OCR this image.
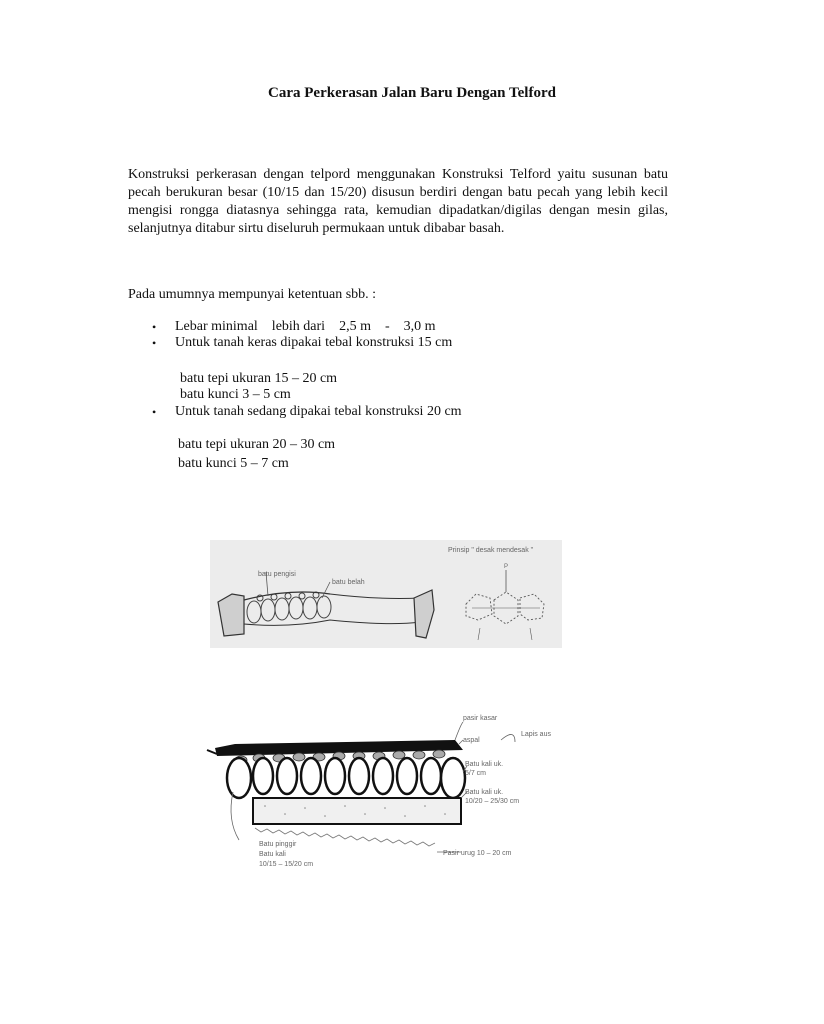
Cara Perkerasan Jalan Baru Dengan Telford
Konstruksi perkerasan dengan telpord menggunakan Konstruksi Telford yaitu susunan batu pecah berukuran besar (10/15 dan 15/20) disusun berdiri dengan batu pecah yang lebih kecil mengisi rongga diatasnya sehingga rata, kemudian dipadatkan/digilas dengan mesin gilas, selanjutnya ditabur sirtu diseluruh permukaan untuk dibabar basah.
Pada umumnya mempunyai ketentuan sbb. :
• Lebar minimal    lebih dari    2,5 m    -    3,0 m
• Untuk tanah keras dipakai tebal konstruksi 15 cm
batu tepi ukuran 15 – 20 cm
batu kunci 3 – 5 cm
• Untuk tanah sedang dipakai tebal konstruksi 20 cm
batu tepi ukuran 20 – 30 cm
batu kunci 5 – 7 cm
batu pengisi
batu belah
Prinsip " desak mendesak "
P
pasir kasar
aspal
Lapis aus
Batu kali uk.
5/7 cm
Batu kali uk.
10/20 – 25/30 cm
Pasir urug 10 – 20 cm
Batu pinggir
Batu kali
10/15 – 15/20 cm
